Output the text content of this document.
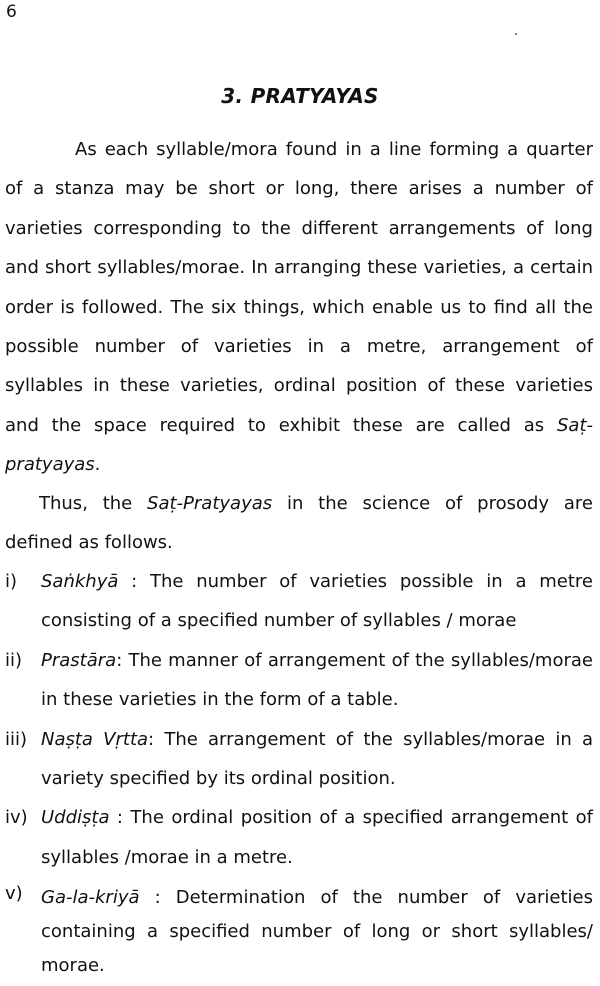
6
3. PRATYAYAS

As each syllable/mora found in a line forming a quarter of a stanza may be short or long, there arises a number of varieties corresponding to the different arrangements of long and short syllables/morae. In arranging these varieties, a certain order is followed. The six things, which enable us to find all the possible number of varieties in a metre, arrangement of syllables in these varieties, ordinal position of these varieties and the space required to exhibit these are called as Saṭ-pratyayas.

Thus, the Saṭ-Pratyayas in the science of prosody are defined as follows.

i) Saṅkhyā : The number of varieties possible in a metre consisting of a specified number of syllables / morae
ii) Prastāra: The manner of arrangement of the syllables/morae in these varieties in the form of a table.
iii) Naṣṭa Vṛtta: The arrangement of the syllables/morae in a variety specified by its ordinal position.
iv) Uddiṣṭa : The ordinal position of a specified arrangement of syllables /morae in a metre.
v) Ga-la-kriyā : Determination of the number of varieties containing a specified number of long or short syllables/ morae.
